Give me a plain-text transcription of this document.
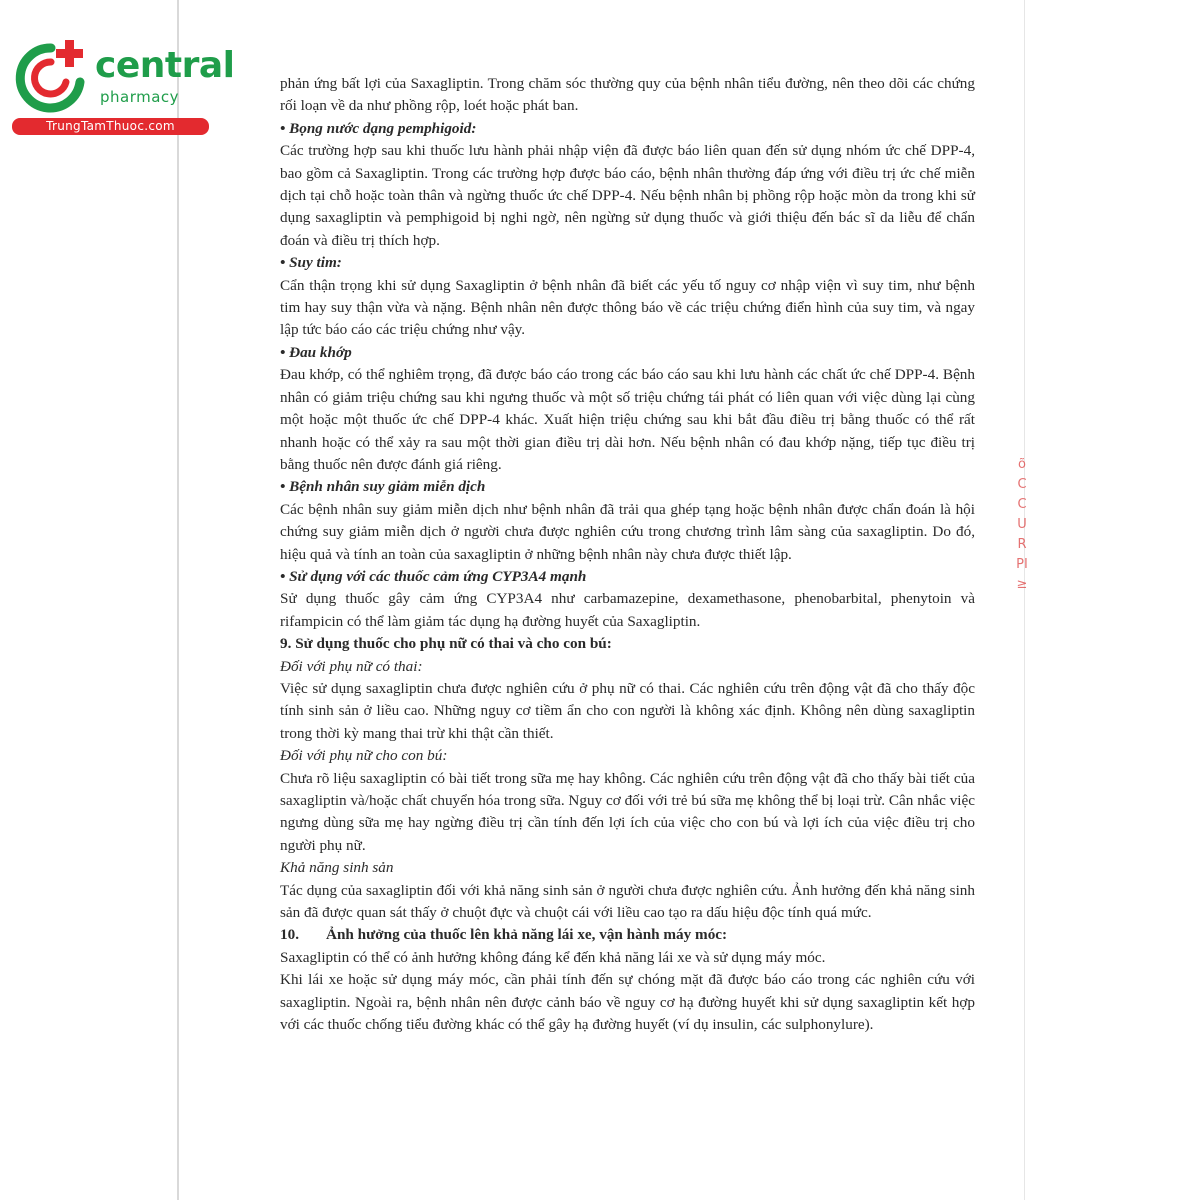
central
pharmacy
TrungTamThuoc.com

phản ứng bất lợi của Saxagliptin. Trong chăm sóc thường quy của bệnh nhân tiểu đường, nên theo dõi các chứng rối loạn về da như phồng rộp, loét hoặc phát ban.

• Bọng nước dạng pemphigoid:

Các trường hợp sau khi thuốc lưu hành phải nhập viện đã được báo liên quan đến sử dụng nhóm ức chế DPP-4, bao gồm cả Saxagliptin. Trong các trường hợp được báo cáo, bệnh nhân thường đáp ứng với điều trị ức chế miễn dịch tại chỗ hoặc toàn thân và ngừng thuốc ức chế DPP-4. Nếu bệnh nhân bị phồng rộp hoặc mòn da trong khi sử dụng saxagliptin và pemphigoid bị nghi ngờ, nên ngừng sử dụng thuốc và giới thiệu đến bác sĩ da liễu để chẩn đoán và điều trị thích hợp.

• Suy tim:

Cẩn thận trọng khi sử dụng Saxagliptin ở bệnh nhân đã biết các yếu tố nguy cơ nhập viện vì suy tim, như bệnh tim hay suy thận vừa và nặng. Bệnh nhân nên được thông báo về các triệu chứng điển hình của suy tim, và ngay lập tức báo cáo các triệu chứng như vậy.

• Đau khớp

Đau khớp, có thể nghiêm trọng, đã được báo cáo trong các báo cáo sau khi lưu hành các chất ức chế DPP-4. Bệnh nhân có giảm triệu chứng sau khi ngưng thuốc và một số triệu chứng tái phát có liên quan với việc dùng lại cùng một hoặc một thuốc ức chế DPP-4 khác. Xuất hiện triệu chứng sau khi bắt đầu điều trị bằng thuốc có thể rất nhanh hoặc có thể xảy ra sau một thời gian điều trị dài hơn. Nếu bệnh nhân có đau khớp nặng, tiếp tục điều trị bằng thuốc nên được đánh giá riêng.

• Bệnh nhân suy giảm miễn dịch

Các bệnh nhân suy giảm miễn dịch như bệnh nhân đã trải qua ghép tạng hoặc bệnh nhân được chẩn đoán là hội chứng suy giảm miễn dịch ở người chưa được nghiên cứu trong chương trình lâm sàng của saxagliptin. Do đó, hiệu quả và tính an toàn của saxagliptin ở những bệnh nhân này chưa được thiết lập.

• Sử dụng với các thuốc cảm ứng CYP3A4 mạnh

Sử dụng thuốc gây cảm ứng CYP3A4 như carbamazepine, dexamethasone, phenobarbital, phenytoin và rifampicin có thể làm giảm tác dụng hạ đường huyết của Saxagliptin.

9. Sử dụng thuốc cho phụ nữ có thai và cho con bú:

Đối với phụ nữ có thai:

Việc sử dụng saxagliptin chưa được nghiên cứu ở phụ nữ có thai. Các nghiên cứu trên động vật đã cho thấy độc tính sinh sản ở liều cao. Những nguy cơ tiềm ẩn cho con người là không xác định. Không nên dùng saxagliptin trong thời kỳ mang thai trừ khi thật cần thiết.

Đối với phụ nữ cho con bú:

Chưa rõ liệu saxagliptin có bài tiết trong sữa mẹ hay không. Các nghiên cứu trên động vật đã cho thấy bài tiết của saxagliptin và/hoặc chất chuyển hóa trong sữa. Nguy cơ đối với trẻ bú sữa mẹ không thể bị loại trừ. Cân nhắc việc ngưng dùng sữa mẹ hay ngừng điều trị cần tính đến lợi ích của việc cho con bú và lợi ích của việc điều trị cho người phụ nữ.

Khả năng sinh sản

Tác dụng của saxagliptin đối với khả năng sinh sản ở người chưa được nghiên cứu. Ảnh hưởng đến khả năng sinh sản đã được quan sát thấy ở chuột đực và chuột cái với liều cao tạo ra dấu hiệu độc tính quá mức.

10. Ảnh hưởng của thuốc lên khả năng lái xe, vận hành máy móc:

Saxagliptin có thể có ảnh hưởng không đáng kể đến khả năng lái xe và sử dụng máy móc.

Khi lái xe hoặc sử dụng máy móc, cần phải tính đến sự chóng mặt đã được báo cáo trong các nghiên cứu với saxagliptin. Ngoài ra, bệnh nhân nên được cảnh báo về nguy cơ hạ đường huyết khi sử dụng saxagliptin kết hợp với các thuốc chống tiểu đường khác có thể gây hạ đường huyết (ví dụ insulin, các sulphonylure).

õ
C
C
U
R
PI
≥
